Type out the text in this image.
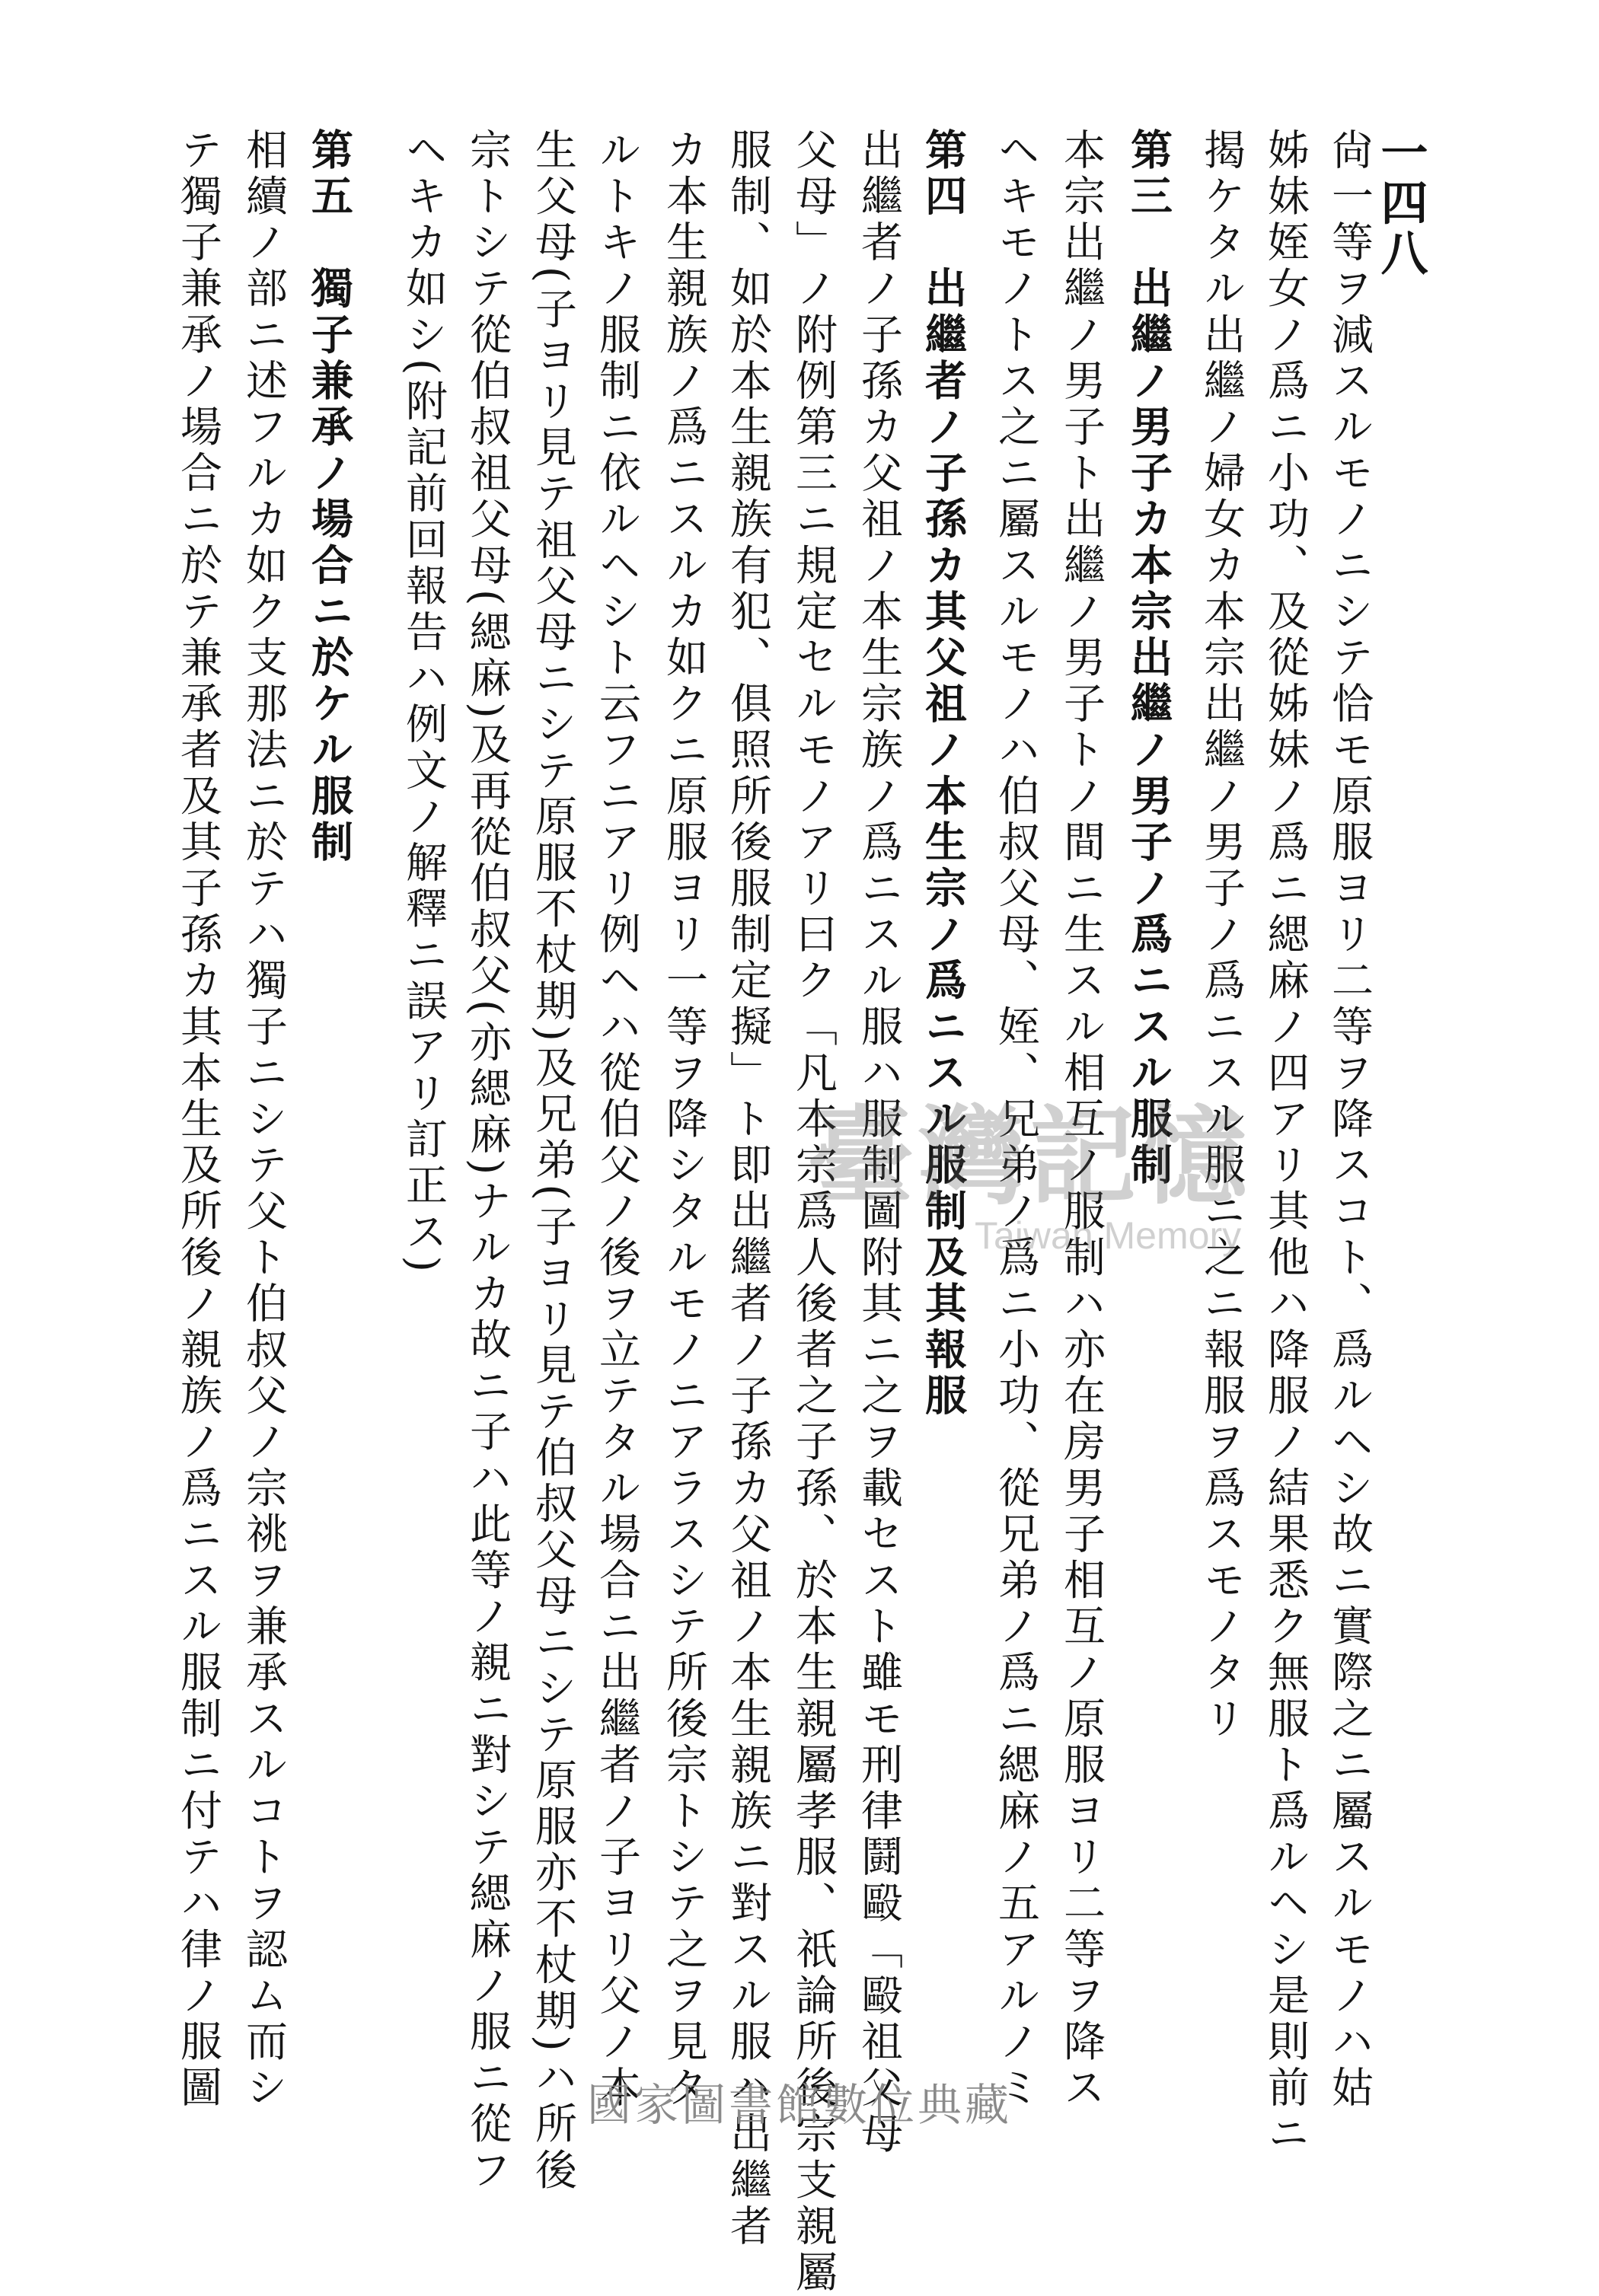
一四八
尙一等ヲ減スルモノニシテ恰モ原服ヨリ二等ヲ降スコト、爲ルヘシ故ニ實際之ニ屬スルモノハ姑
姊妹姪女ノ爲ニ小功、及從姊妹ノ爲ニ緦麻ノ四アリ其他ハ降服ノ結果悉ク無服ト爲ルヘシ是則前ニ
揭ケタル出繼ノ婦女カ本宗出繼ノ男子ノ爲ニスル服ニ之ニ報服ヲ爲スモノタリ
第三　出繼ノ男子カ本宗出繼ノ男子ノ爲ニスル服制
本宗出繼ノ男子ト出繼ノ男子トノ間ニ生スル相互ノ服制ハ亦在房男子相互ノ原服ヨリ二等ヲ降ス
ヘキモノトス之ニ屬スルモノハ伯叔父母、姪、兄弟ノ爲ニ小功、從兄弟ノ爲ニ緦麻ノ五アルノミ
第四　出繼者ノ子孫カ其父祖ノ本生宗ノ爲ニスル服制及其報服
出繼者ノ子孫カ父祖ノ本生宗族ノ爲ニスル服ハ服制圖附其ニ之ヲ載セスト雖モ刑律鬪毆「毆祖父母
父母」ノ附例第三ニ規定セルモノアリ曰ク「凡本宗爲人後者之子孫、於本生親屬孝服、祇論所後宗支親屬
服制、如於本生親族有犯、俱照所後服制定擬」ト即出繼者ノ子孫カ父祖ノ本生親族ニ對スル服ハ出繼者
カ本生親族ノ爲ニスルカ如クニ原服ヨリ一等ヲ降シタルモノニアラスシテ所後宗トシテ之ヲ見タ
ルトキノ服制ニ依ルヘシト云フニアリ例ヘハ從伯父ノ後ヲ立テタル場合ニ出繼者ノ子ヨリ父ノ本
生父母(子ヨリ見テ祖父母ニシテ原服不杖期)及兄弟(子ヨリ見テ伯叔父母ニシテ原服亦不杖期)ハ所後
宗トシテ從伯叔祖父母(緦麻)及再從伯叔父(亦緦麻)ナルカ故ニ子ハ此等ノ親ニ對シテ緦麻ノ服ニ從フ
ヘキカ如シ(附記前回報告ハ例文ノ解釋ニ誤アリ訂正ス)
第五　獨子兼承ノ場合ニ於ケル服制
相續ノ部ニ述フルカ如ク支那法ニ於テハ獨子ニシテ父ト伯叔父ノ宗祧ヲ兼承スルコトヲ認ム而シ
テ獨子兼承ノ場合ニ於テ兼承者及其子孫カ其本生及所後ノ親族ノ爲ニスル服制ニ付テハ律ノ服圖	臺灣記憶
Taiwan Memory
國家圖書館數位典藏
